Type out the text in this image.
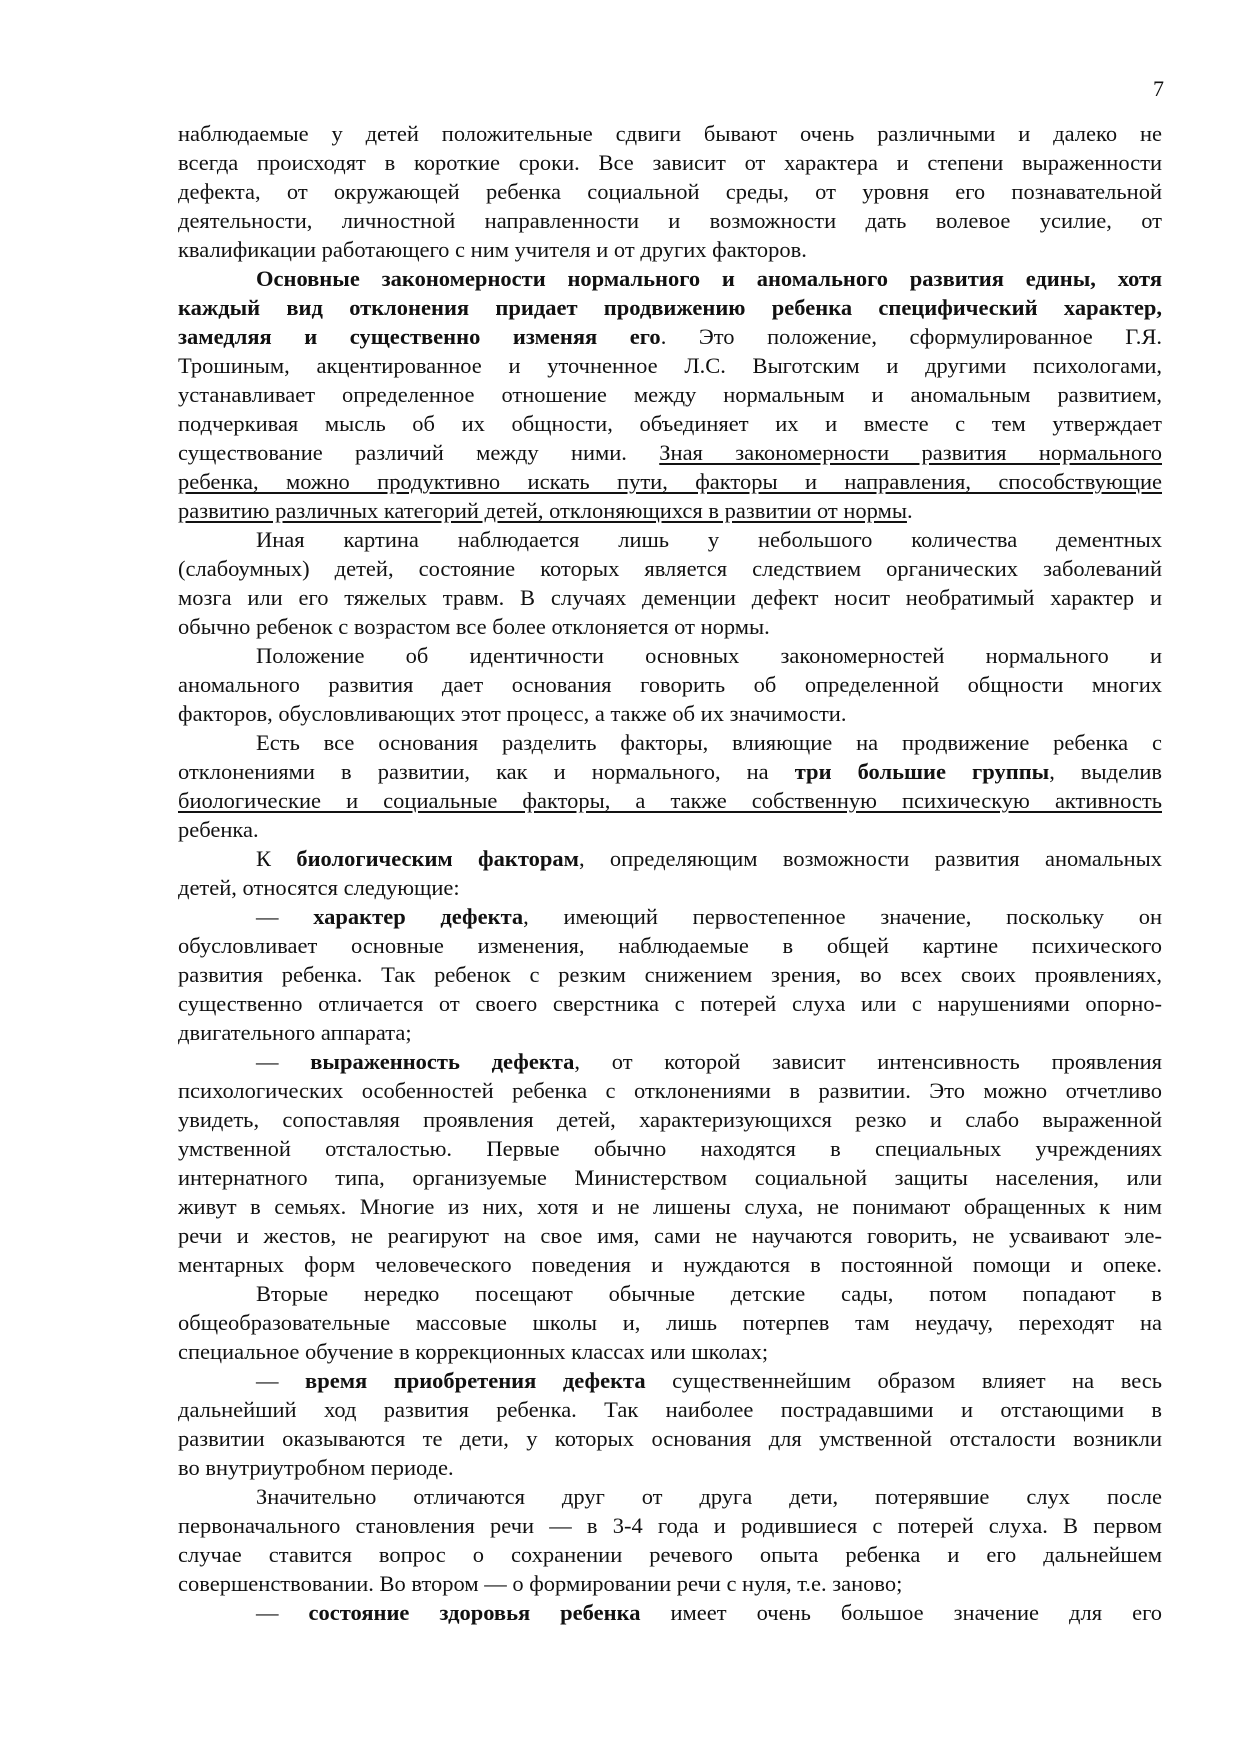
7
наблюдаемые у детей положительные сдвиги бывают очень различными и далеко не
всегда происходят в короткие сроки. Все зависит от характера и степени выраженности
дефекта, от окружающей ребенка социальной среды, от уровня его познавательной
деятельности, личностной направленности и возможности дать волевое усилие, от
квалификации работающего с ним учителя и от других факторов.
Основные закономерности нормального и аномального развития едины, хотя
каждый вид отклонения придает продвижению ребенка специфический характер,
замедляя и существенно изменяя его. Это положение, сформулированное Г.Я.
Трошиным, акцентированное и уточненное Л.С. Выготским и другими психологами,
устанавливает определенное отношение между нормальным и аномальным развитием,
подчеркивая мысль об их общности, объединяет их и вместе с тем утверждает
существование различий между ними. Зная закономерности развития нормального
ребенка, можно продуктивно искать пути, факторы и направления, способствующие
развитию различных категорий детей, отклоняющихся в развитии от нормы.
Иная картина наблюдается лишь у небольшого количества дементных
(слабоумных) детей, состояние которых является следствием органических заболеваний
мозга или его тяжелых травм. В случаях деменции дефект носит необратимый характер и
обычно ребенок с возрастом все более отклоняется от нормы.
Положение об идентичности основных закономерностей нормального и
аномального развития дает основания говорить об определенной общности многих
факторов, обусловливающих этот процесс, а также об их значимости.
Есть все основания разделить факторы, влияющие на продвижение ребенка с
отклонениями в развитии, как и нормального, на три большие группы, выделив
биологические и социальные факторы, а также собственную психическую активность
ребенка.
К биологическим факторам, определяющим возможности развития аномальных
детей, относятся следующие:
— характер дефекта, имеющий первостепенное значение, поскольку он
обусловливает основные изменения, наблюдаемые в общей картине психического
развития ребенка. Так ребенок с резким снижением зрения, во всех своих проявлениях,
существенно отличается от своего сверстника с потерей слуха или с нарушениями опорно-
двигательного аппарата;
— выраженность дефекта, от которой зависит интенсивность проявления
психологических особенностей ребенка с отклонениями в развитии. Это можно отчетливо
увидеть, сопоставляя проявления детей, характеризующихся резко и слабо выраженной
умственной отсталостью. Первые обычно находятся в специальных учреждениях
интернатного типа, организуемые Министерством социальной защиты населения, или
живут в семьях. Многие из них, хотя и не лишены слуха, не понимают обращенных к ним
речи и жестов, не реагируют на свое имя, сами не научаются говорить, не усваивают эле-
ментарных форм человеческого поведения и нуждаются в постоянной помощи и опеке.
Вторые нередко посещают обычные детские сады, потом попадают в
общеобразовательные массовые школы и, лишь потерпев там неудачу, переходят на
специальное обучение в коррекционных классах или школах;
— время приобретения дефекта существеннейшим образом влияет на весь
дальнейший ход развития ребенка. Так наиболее пострадавшими и отстающими в
развитии оказываются те дети, у которых основания для умственной отсталости возникли
во внутриутробном периоде.
Значительно отличаются друг от друга дети, потерявшие слух после
первоначального становления речи — в 3-4 года и родившиеся с потерей слуха. В первом
случае ставится вопрос о сохранении речевого опыта ребенка и его дальнейшем
совершенствовании. Во втором — о формировании речи с нуля, т.е. заново;
— состояние здоровья ребенка имеет очень большое значение для его
